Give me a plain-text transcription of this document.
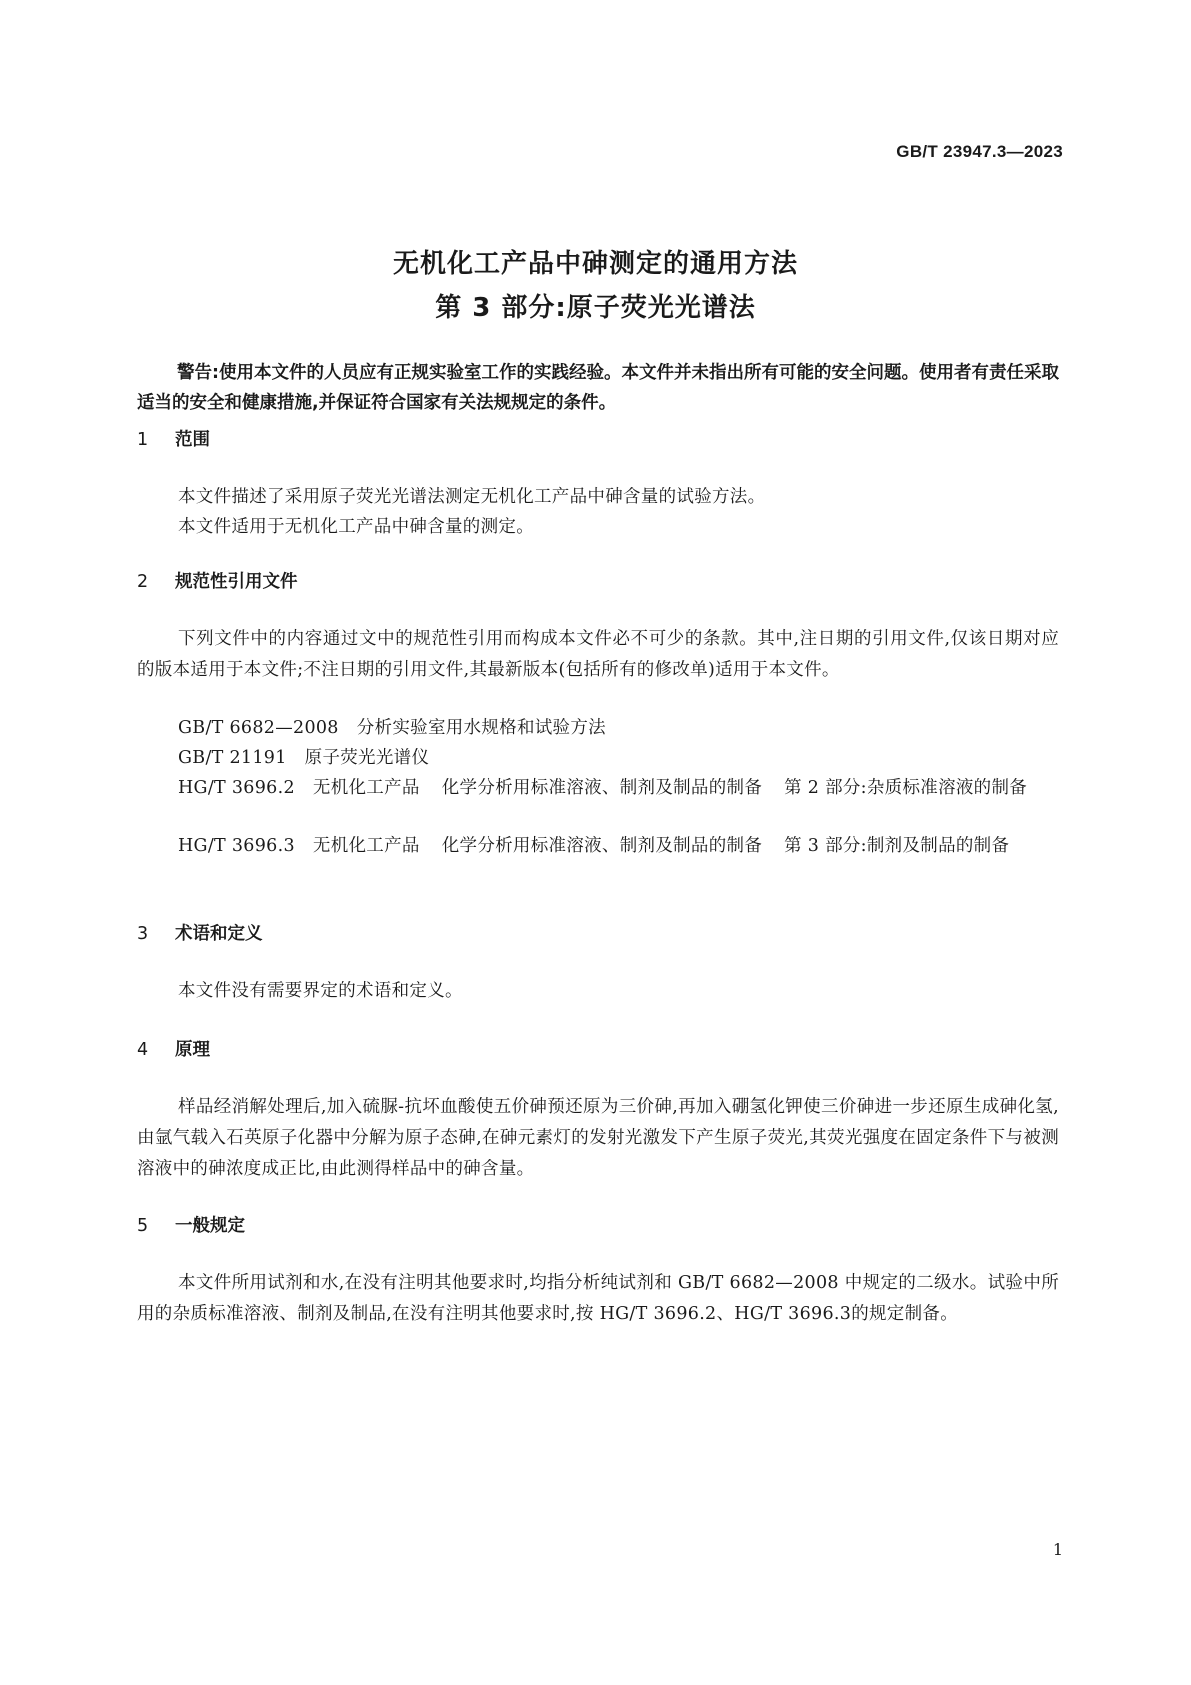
GB/T 23947.3—2023
无机化工产品中砷测定的通用方法
第 3 部分:原子荧光光谱法

警告:使用本文件的人员应有正规实验室工作的实践经验。本文件并未指出所有可能的安全问题。使用者有责任采取适当的安全和健康措施,并保证符合国家有关法规规定的条件。

1 范围

本文件描述了采用原子荧光光谱法测定无机化工产品中砷含量的试验方法。

本文件适用于无机化工产品中砷含量的测定。

2 规范性引用文件

下列文件中的内容通过文中的规范性引用而构成本文件必不可少的条款。其中,注日期的引用文件,仅该日期对应的版本适用于本文件;不注日期的引用文件,其最新版本(包括所有的修改单)适用于本文件。

GB/T 6682—2008 分析实验室用水规格和试验方法

GB/T 21191 原子荧光光谱仪

HG/T 3696.2 无机化工产品 化学分析用标准溶液、制剂及制品的制备 第 2 部分:杂质标准溶液的制备

HG/T 3696.3 无机化工产品 化学分析用标准溶液、制剂及制品的制备 第 3 部分:制剂及制品的制备

3 术语和定义

本文件没有需要界定的术语和定义。

4 原理

样品经消解处理后,加入硫脲-抗坏血酸使五价砷预还原为三价砷,再加入硼氢化钾使三价砷进一步还原生成砷化氢,由氩气载入石英原子化器中分解为原子态砷,在砷元素灯的发射光激发下产生原子荧光,其荧光强度在固定条件下与被测溶液中的砷浓度成正比,由此测得样品中的砷含量。

5 一般规定

本文件所用试剂和水,在没有注明其他要求时,均指分析纯试剂和 GB/T 6682—2008 中规定的二级水。试验中所用的杂质标准溶液、制剂及制品,在没有注明其他要求时,按 HG/T 3696.2、HG/T 3696.3的规定制备。

1
